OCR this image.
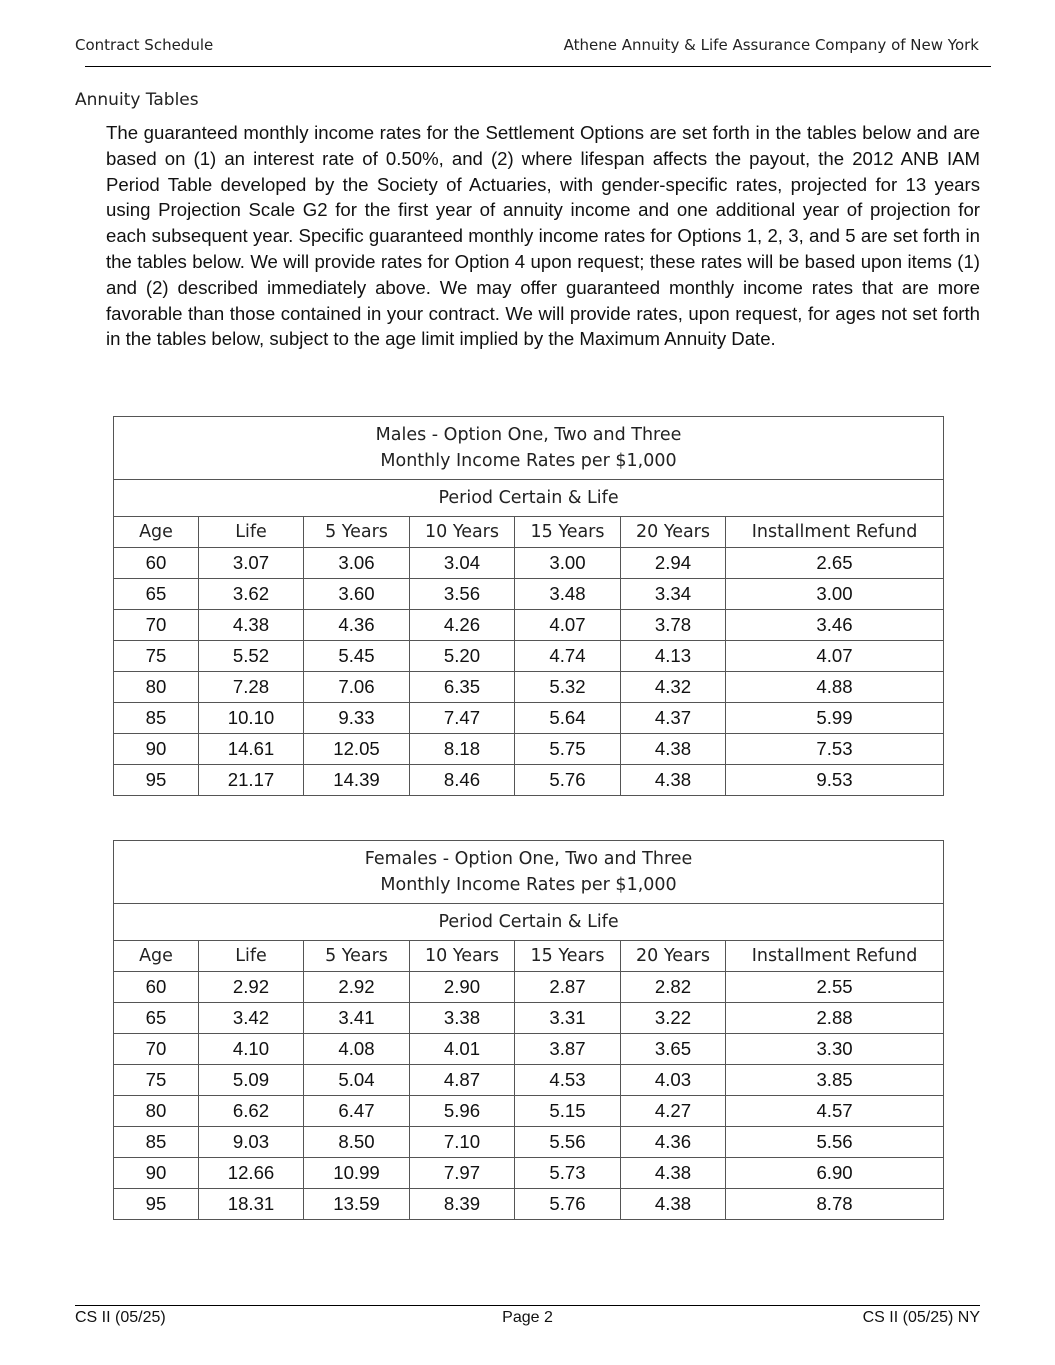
Contract Schedule	Athene Annuity & Life Assurance Company of New York
Annuity Tables

The guaranteed monthly income rates for the Settlement Options are set forth in the tables below and are based on (1) an interest rate of 0.50%, and (2) where lifespan affects the payout, the 2012 ANB IAM Period Table developed by the Society of Actuaries, with gender-specific rates, projected for 13 years using Projection Scale G2 for the first year of annuity income and one additional year of projection for each subsequent year. Specific guaranteed monthly income rates for Options 1, 2, 3, and 5 are set forth in the tables below. We will provide rates for Option 4 upon request; these rates will be based upon items (1) and (2) described immediately above. We may offer guaranteed monthly income rates that are more favorable than those contained in your contract. We will provide rates, upon request, for ages not set forth in the tables below, subject to the age limit implied by the Maximum Annuity Date.

Males - Option One, Two and Three
Monthly Income Rates per $1,000						

Period Certain & Life						
Age	Life	5 Years	10 Years	15 Years	20 Years	Installment Refund
60	3.07	3.06	3.04	3.00	2.94	2.65
65	3.62	3.60	3.56	3.48	3.34	3.00
70	4.38	4.36	4.26	4.07	3.78	3.46
75	5.52	5.45	5.20	4.74	4.13	4.07
80	7.28	7.06	6.35	5.32	4.32	4.88
85	10.10	9.33	7.47	5.64	4.37	5.99
90	14.61	12.05	8.18	5.75	4.38	7.53
95	21.17	14.39	8.46	5.76	4.38	9.53
Females - Option One, Two and Three
Monthly Income Rates per $1,000						

Period Certain & Life						
Age	Life	5 Years	10 Years	15 Years	20 Years	Installment Refund
60	2.92	2.92	2.90	2.87	2.82	2.55
65	3.42	3.41	3.38	3.31	3.22	2.88
70	4.10	4.08	4.01	3.87	3.65	3.30
75	5.09	5.04	4.87	4.53	4.03	3.85
80	6.62	6.47	5.96	5.15	4.27	4.57
85	9.03	8.50	7.10	5.56	4.36	5.56
90	12.66	10.99	7.97	5.73	4.38	6.90
95	18.31	13.59	8.39	5.76	4.38	8.78
CS II (05/25)	Page 2	CS II (05/25) NY
